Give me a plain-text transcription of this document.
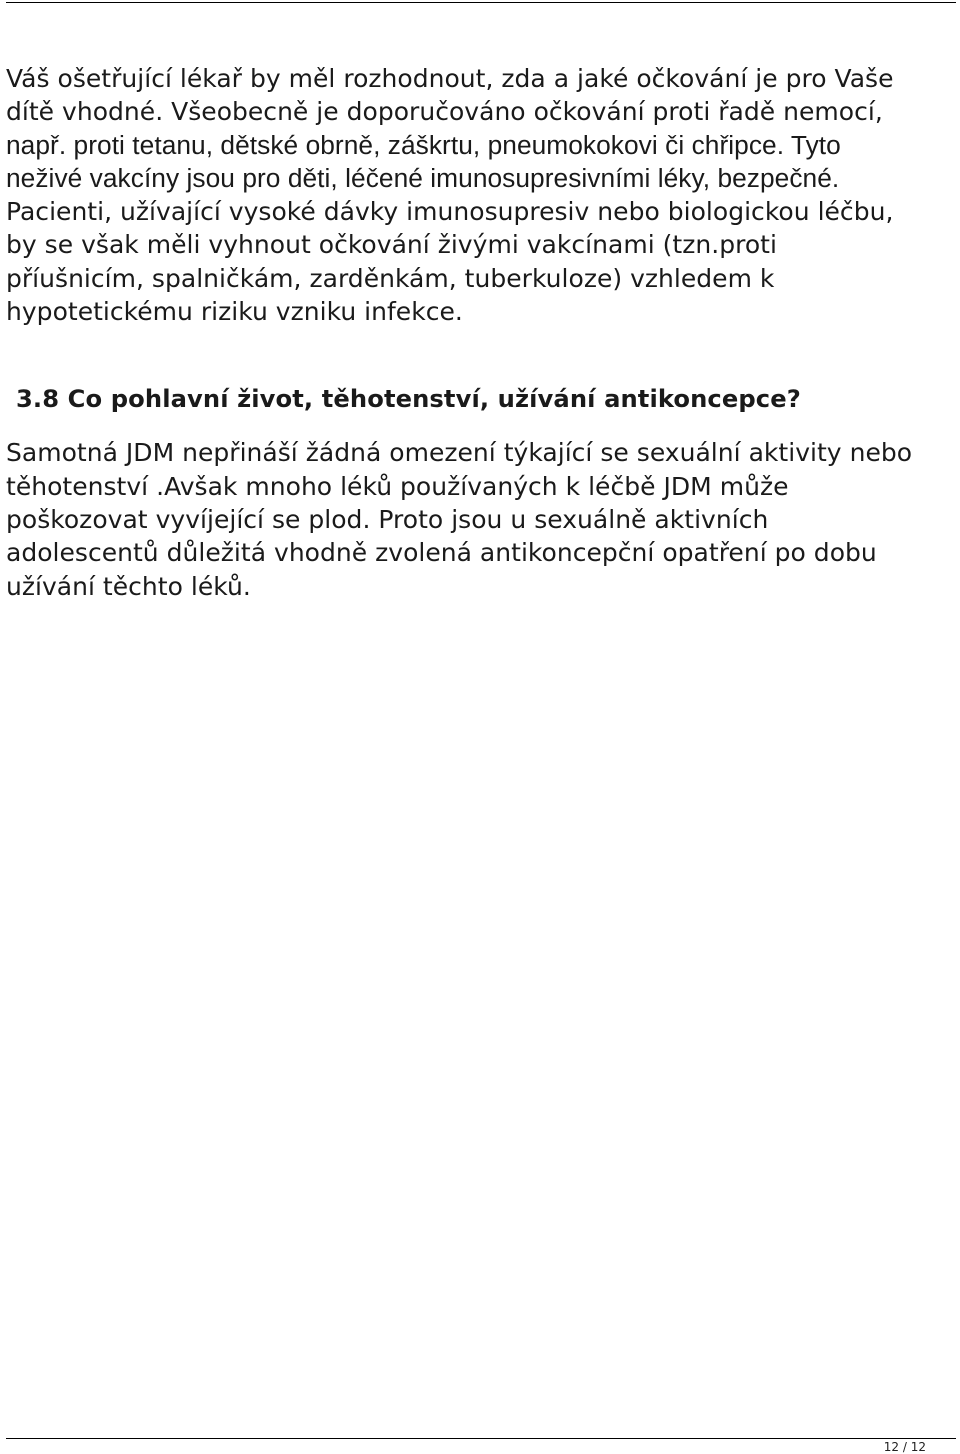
Váš ošetřující lékař by měl rozhodnout, zda a jaké očkování je pro Vaše
dítě vhodné. Všeobecně je doporučováno očkování proti řadě nemocí,
např. proti tetanu, dětské obrně, záškrtu, pneumokokovi či chřipce. Tyto
neživé vakcíny jsou pro děti, léčené imunosupresivními léky, bezpečné.
Pacienti, užívající vysoké dávky imunosupresiv nebo biologickou léčbu,
by se však měli vyhnout očkování živými vakcínami (tzn.proti
příušnicím, spalničkám, zarděnkám, tuberkuloze) vzhledem k
hypotetickému riziku vzniku infekce.

3.8 Co pohlavní život, těhotenství, užívání antikoncepce?

Samotná JDM nepřináší žádná omezení týkající se sexuální aktivity nebo
těhotenství .Avšak mnoho léků používaných k léčbě JDM může
poškozovat vyvíjející se plod. Proto jsou u sexuálně aktivních
adolescentů důležitá vhodně zvolená antikoncepční opatření po dobu
užívání těchto léků.

12 / 12
